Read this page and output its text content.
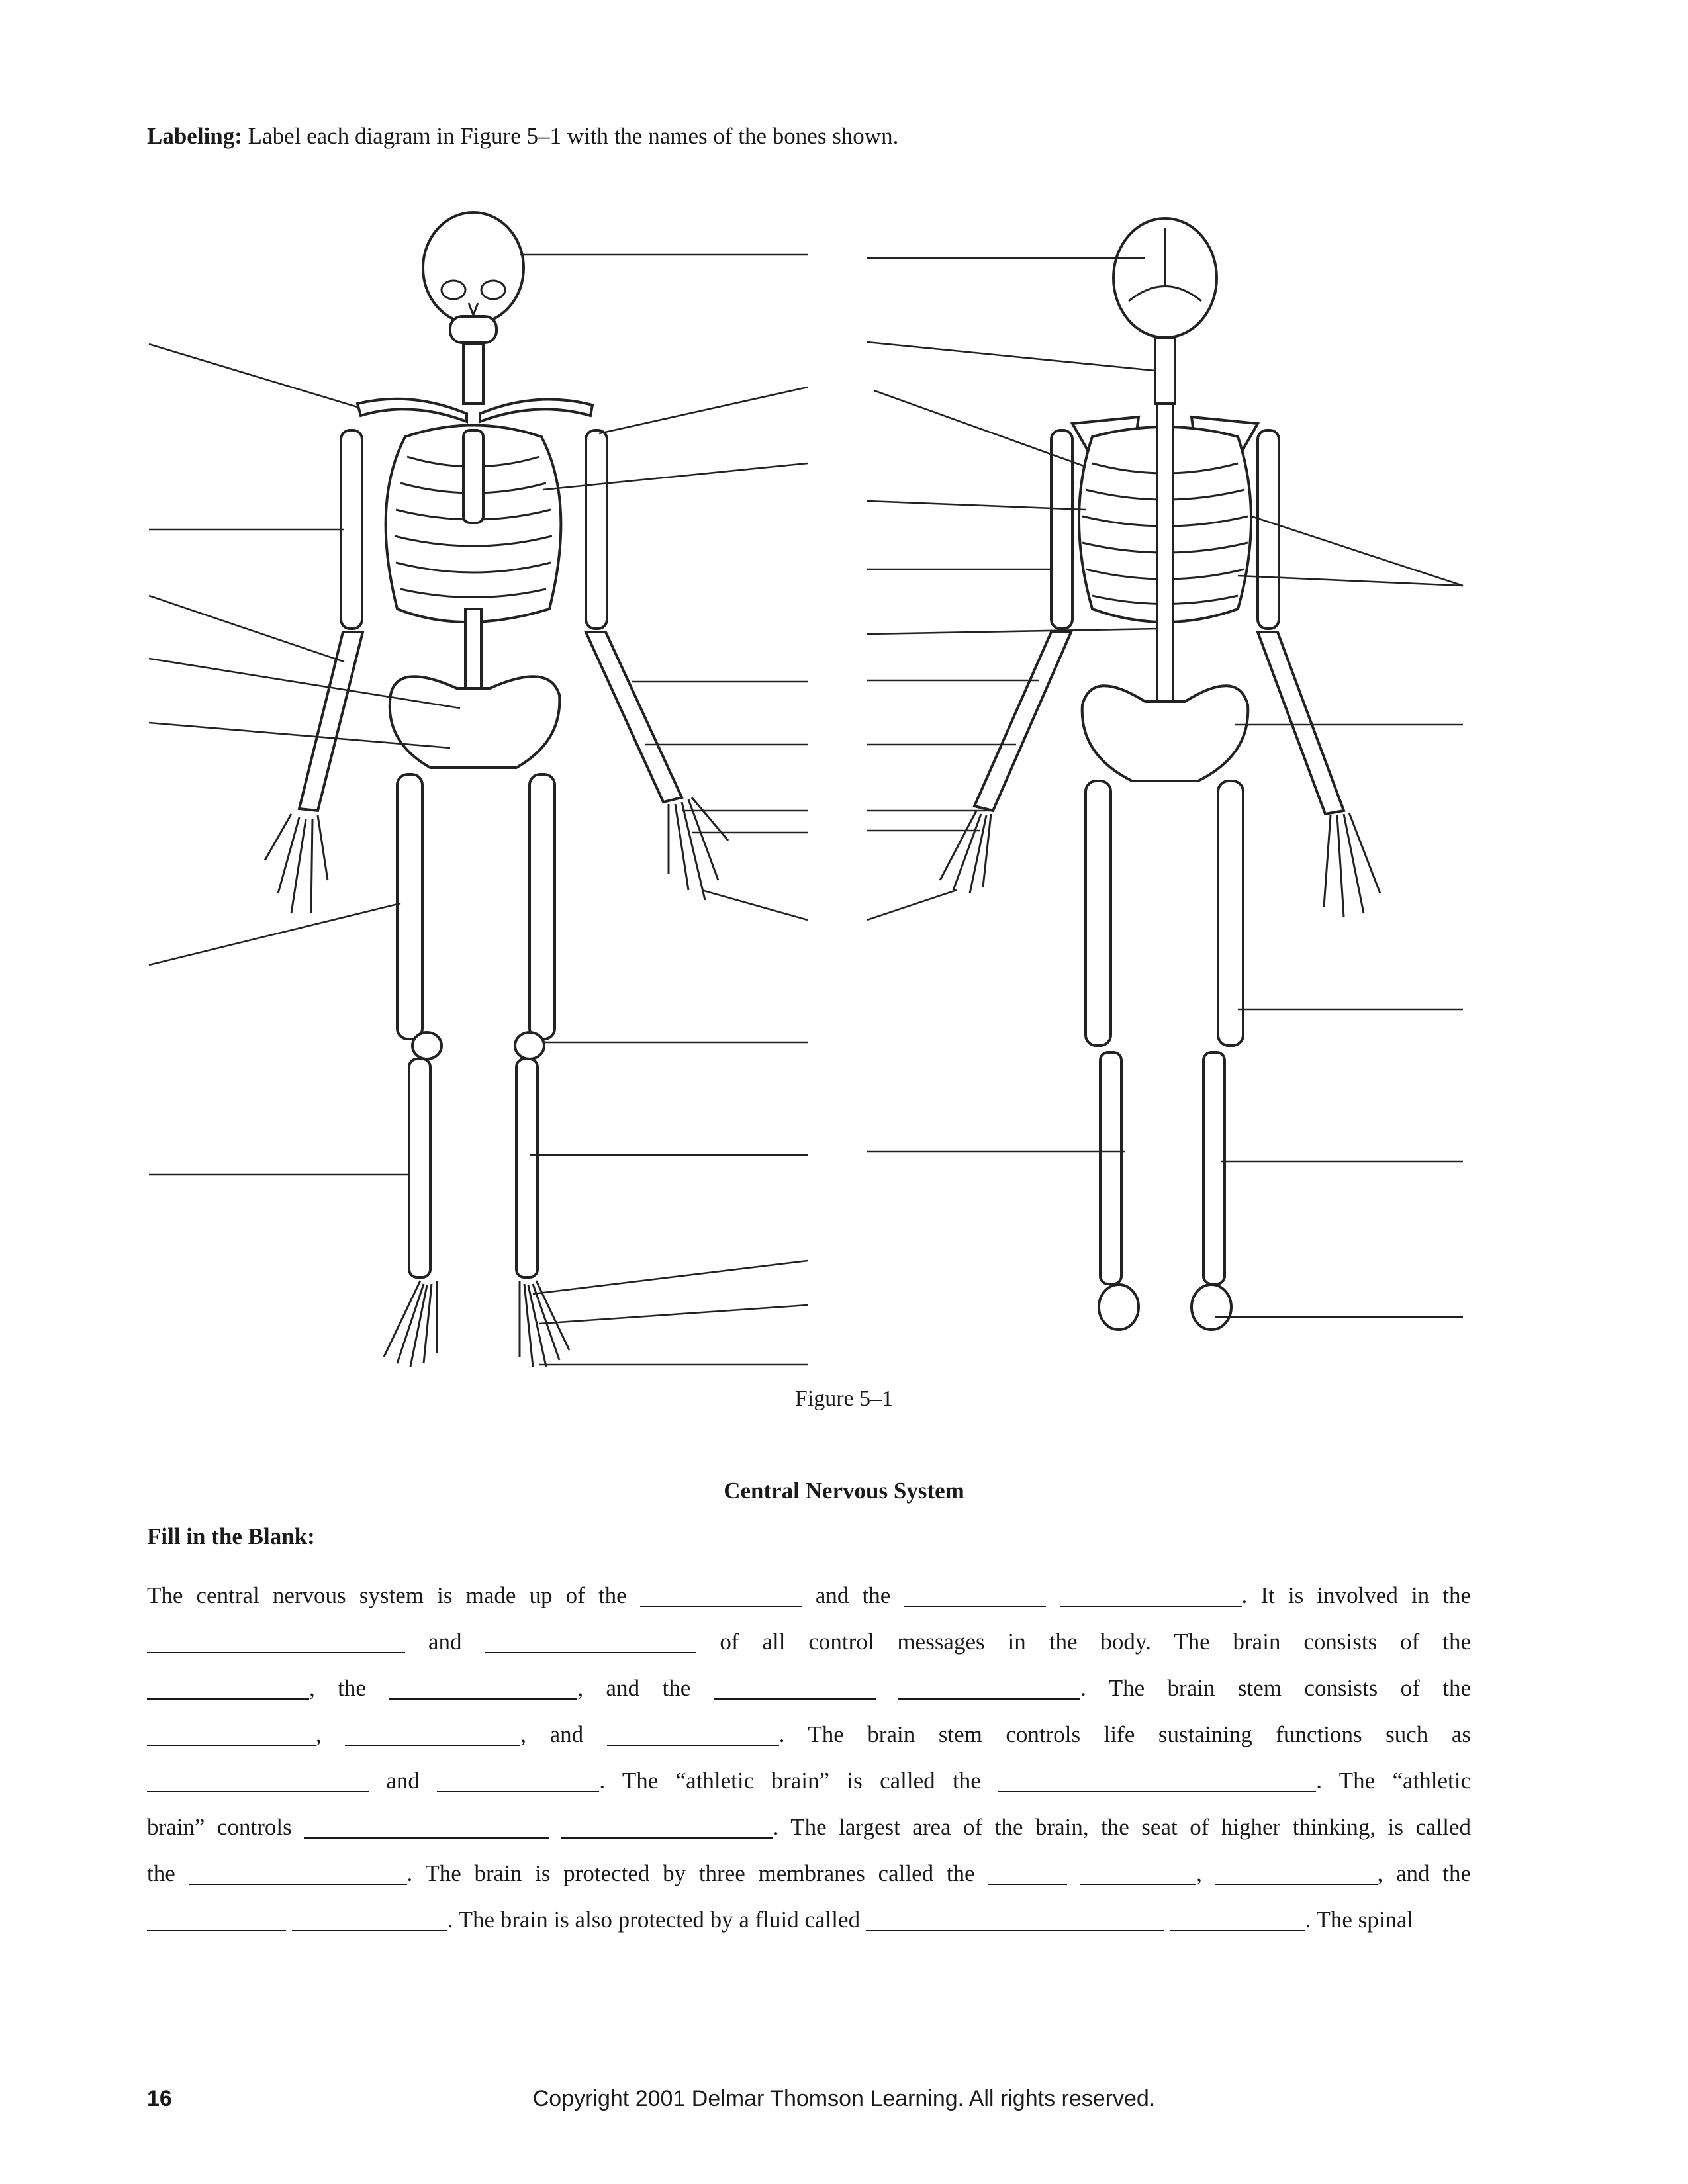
Labeling: Label each diagram in Figure 5–1 with the names of the bones shown.
Figure 5–1
Central Nervous System
Fill in the Blank:
The central nervous system is made up of the	and the	. It is involved in the
and	of all control messages in the body. The brain consists of the
, the	, and the	. The brain stem consists of the
,	, and	. The brain stem controls life sustaining functions such as
and	. The “athletic brain” is called the	. The “athletic
brain” controls	. The largest area of the brain, the seat of higher thinking, is called
the	. The brain is protected by three membranes called the	,	, and the
. The brain is also protected by a fluid called	. The spinal
16	Copyright 2001 Delmar Thomson Learning. All rights reserved.
